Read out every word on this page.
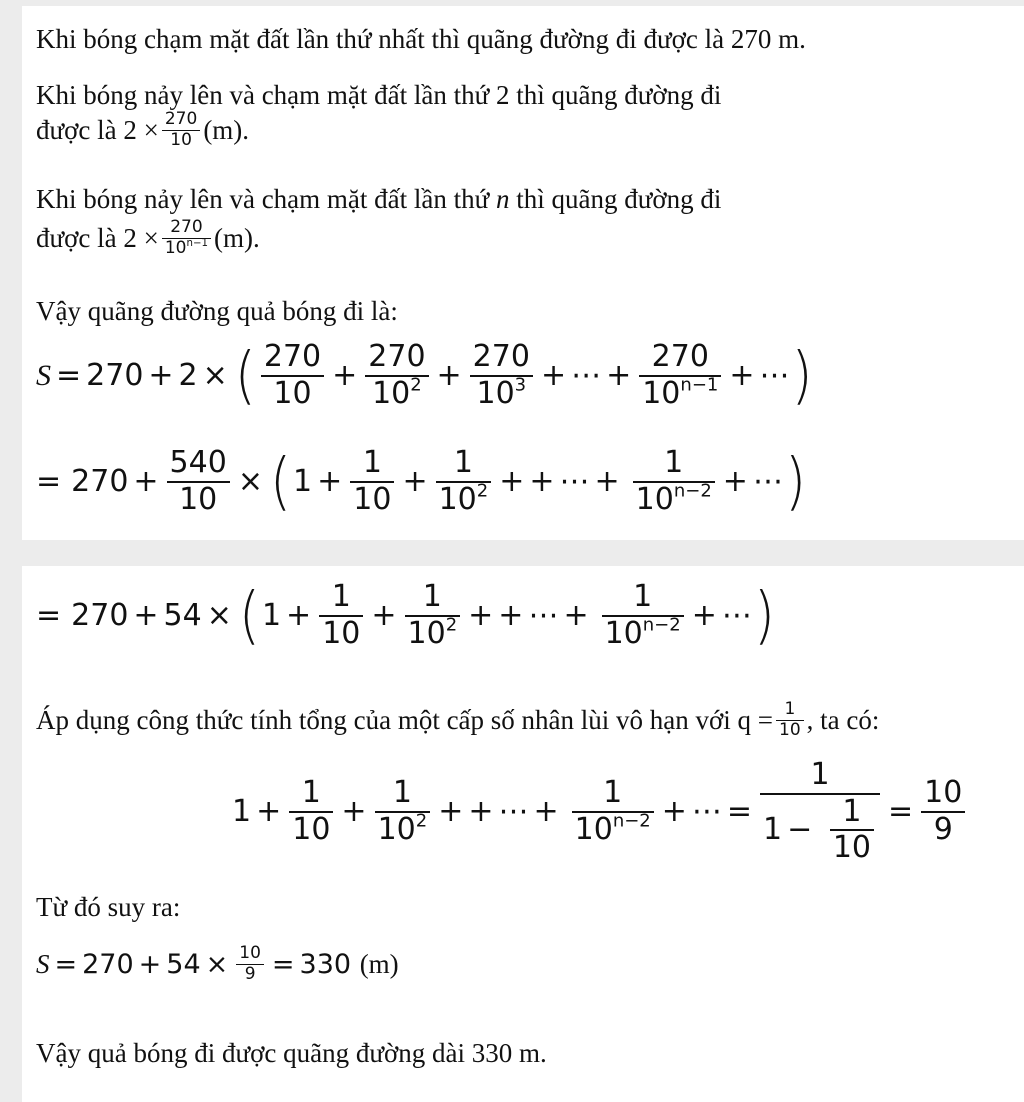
Khi bóng chạm mặt đất lần thứ nhất thì quãng đường đi được là 270 m.
Khi bóng nảy lên và chạm mặt đất lần thứ 2 thì quãng đường đi
được là $2 \times \frac{270}{10} (m)$.
Khi bóng nảy lên và chạm mặt đất lần thứ n thì quãng đường đi
được là $2 \times \frac{270}{10^{n-1}} (m)$.
Vậy quãng đường quả bóng đi là:
S = 270 + 2 × ( $\frac{270}{10} + \frac{270}{10^2} + \frac{270}{10^3}$ + ⋯ + $\frac{270}{10^{n-1}}$ + ⋯ )
= $270 + \frac{540}{10}$ × ( $1 + \frac{1}{10} + \frac{1}{10^2}$ + + ⋯ + $\frac{1}{10^{n-2}}$ + ⋯ )
= 270 + 54 × ( $1 + \frac{1}{10} + \frac{1}{10^2}$ + + ⋯ + $\frac{1}{10^{n-2}}$ + ⋯ )
Áp dụng công thức tính tổng của một cấp số nhân lùi vô hạn với $q = \frac{1}{10}$ , ta có:
$1 + \frac{1}{10} + \frac{1}{10^2}$ + + ⋯ + $\frac{1}{10^{n-2}}$ + ⋯ = $\frac{1}{1 - \frac{1}{10}} = \frac{10}{9}$
Từ đó suy ra:
$S = 270 + 54 \times \frac{10}{9} = 330$
(m)
Vậy quả bóng đi được quãng đường dài 330 m.
